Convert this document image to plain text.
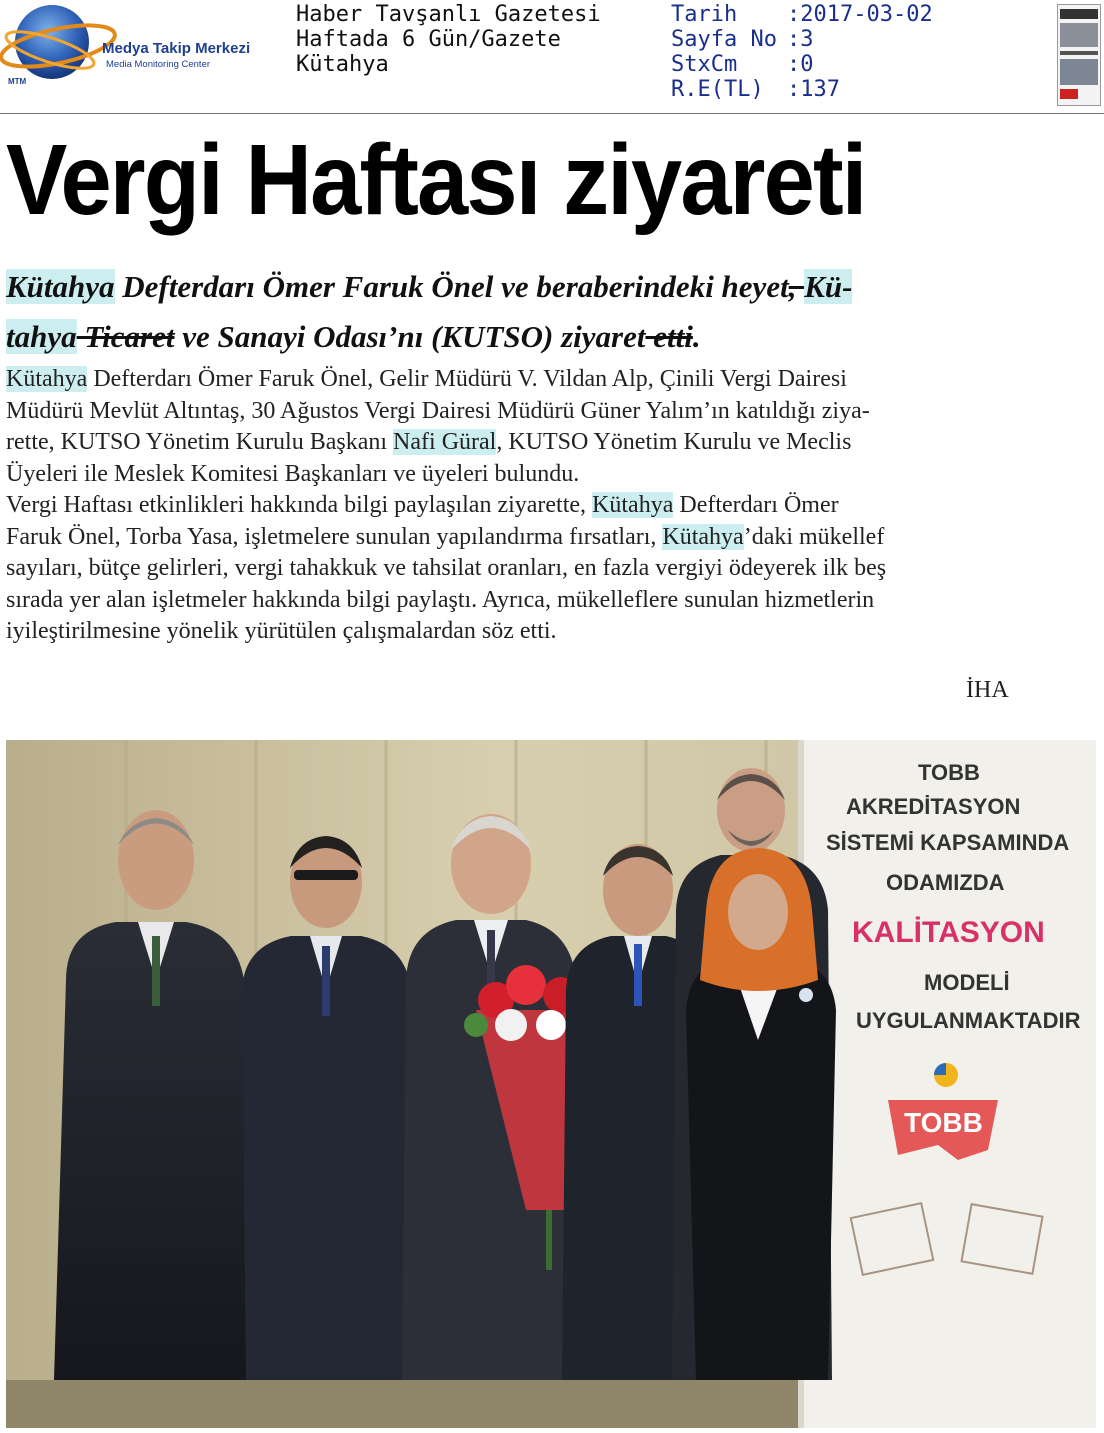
Medya Takip Merkezi
Media Monitoring Center
MTM
Haber Tavşanlı Gazetesi
Haftada 6 Gün/Gazete
Kütahya
Tarih	:2017-03-02
Sayfa No :3
StxCm	:0
R.E(TL)	:137
Vergi Haftası ziyareti
Kütahya Defterdarı Ömer Faruk Önel ve beraberindeki heyet, Kü-
tahya Ticaret ve Sanayi Odası’nı (KUTSO) ziyaret etti.
Kütahya Defterdarı Ömer Faruk Önel, Gelir Müdürü V. Vildan Alp, Çinili Vergi Dairesi
Müdürü Mevlüt Altıntaş, 30 Ağustos Vergi Dairesi Müdürü Güner Yalım’ın katıldığı ziya-
rette, KUTSO Yönetim Kurulu Başkanı Nafi Güral, KUTSO Yönetim Kurulu ve Meclis
Üyeleri ile Meslek Komitesi Başkanları ve üyeleri bulundu.
Vergi Haftası etkinlikleri hakkında bilgi paylaşılan ziyarette, Kütahya Defterdarı Ömer
Faruk Önel, Torba Yasa, işletmelere sunulan yapılandırma fırsatları, Kütahya’daki mükellef
sayıları, bütçe gelirleri, vergi tahakkuk ve tahsilat oranları, en fazla vergiyi ödeyerek ilk beş
sırada yer alan işletmeler hakkında bilgi paylaştı. Ayrıca, mükelleflere sunulan hizmetlerin
iyileştirilmesine yönelik yürütülen çalışmalardan söz etti.
İHA
TOBB
AKREDİTASYON
SİSTEMİ KAPSAMINDA
ODAMIZDA
KALİTASYON
MODELİ
UYGULANMAKTADIR
TOBB
